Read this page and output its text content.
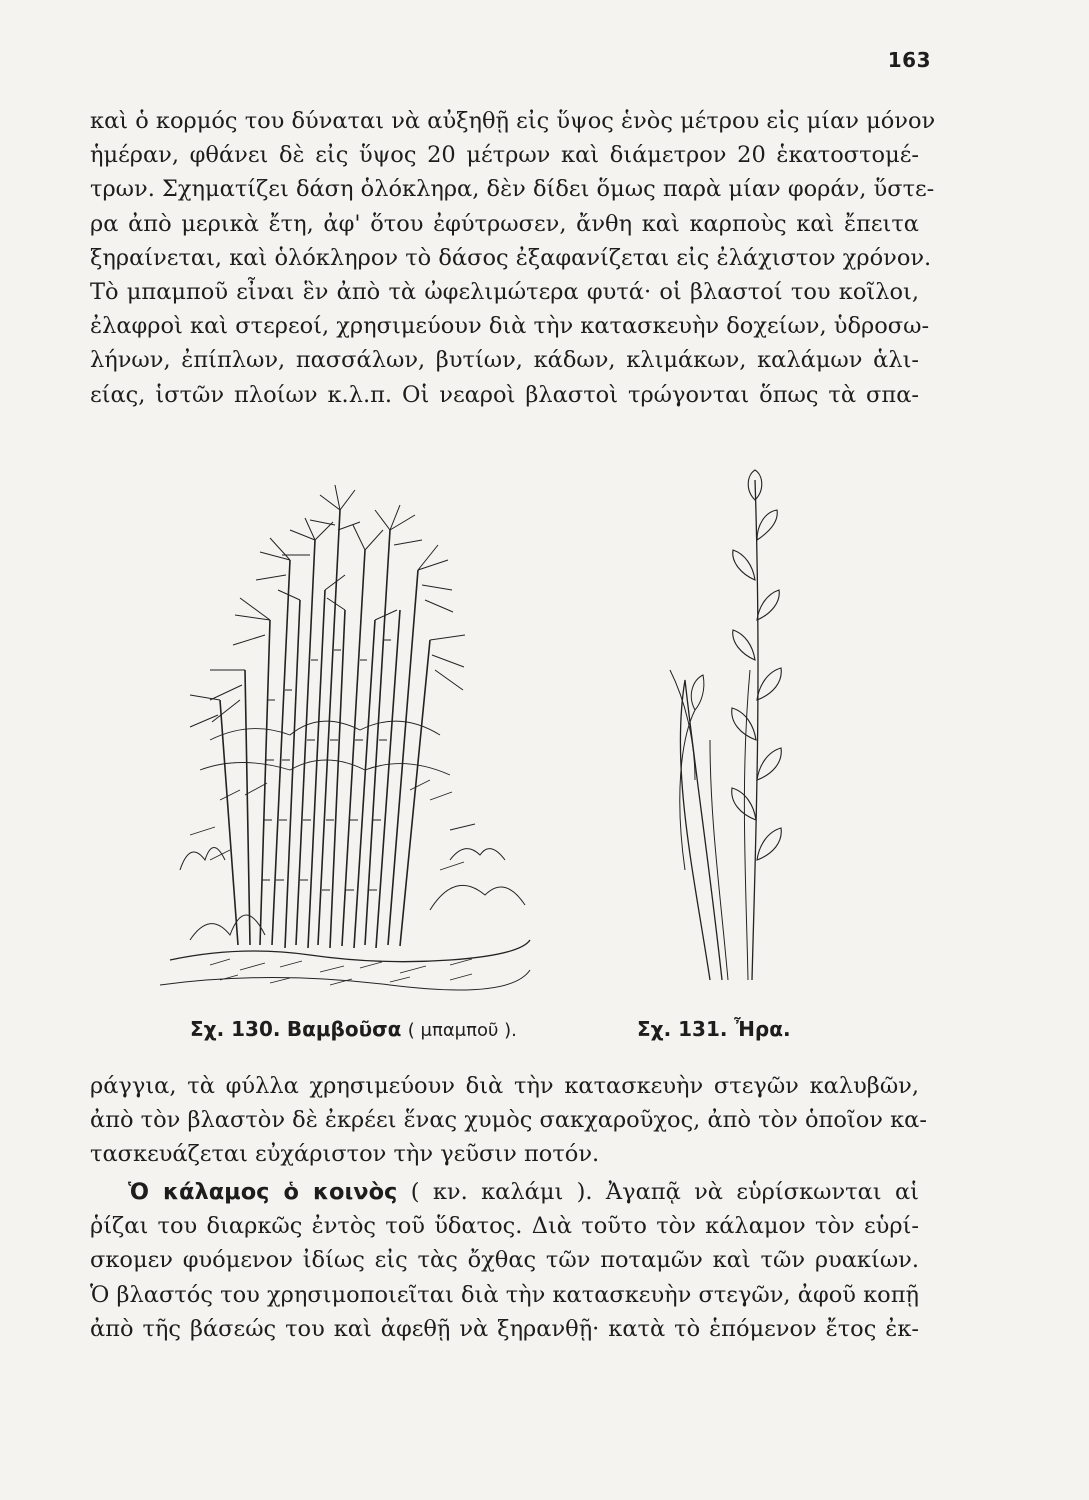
163
καὶ ὁ κορμός του δύναται νὰ αὐξηθῇ εἰς ὕψος ἑνὸς μέτρου εἰς μίαν μόνον
ἡμέραν, φθάνει δὲ εἰς ὕψος 20 μέτρων καὶ διάμετρον 20 ἑκατοστομέ-
τρων. Σχηματίζει δάση ὁλόκληρα, δὲν δίδει ὅμως παρὰ μίαν φοράν, ὕστε-
ρα ἀπὸ μερικὰ ἔτη, ἀφ' ὅτου ἐφύτρωσεν, ἄνθη καὶ καρποὺς καὶ ἔπειτα
ξηραίνεται, καὶ ὁλόκληρον τὸ δάσος ἐξαφανίζεται εἰς ἐλάχιστον χρόνον.
Τὸ μπαμποῦ εἶναι ἓν ἀπὸ τὰ ὠφελιμώτερα φυτά· οἱ βλαστοί του κοῖλοι,
ἐλαφροὶ καὶ στερεοί, χρησιμεύουν διὰ τὴν κατασκευὴν δοχείων, ὑδροσω-
λήνων, ἐπίπλων, πασσάλων, βυτίων, κάδων, κλιμάκων, καλάμων ἁλι-
είας, ἱστῶν πλοίων κ.λ.π. Οἱ νεαροὶ βλαστοὶ τρώγονται ὅπως τὰ σπα-
Σχ. 130. Βαμβοῦσα ( μπαμποῦ ).	Σχ. 131. Ἦρα.
ράγγια, τὰ φύλλα χρησιμεύουν διὰ τὴν κατασκευὴν στεγῶν καλυβῶν,
ἀπὸ τὸν βλαστὸν δὲ ἐκρέει ἕνας χυμὸς σακχαροῦχος, ἀπὸ τὸν ὁποῖον κα-
τασκευάζεται εὐχάριστον τὴν γεῦσιν ποτόν.
Ὁ κάλαμος ὁ κοινὸς ( κν. καλάμι ). Ἀγαπᾷ νὰ εὑρίσκωνται αἱ
ῥίζαι του διαρκῶς ἐντὸς τοῦ ὕδατος. Διὰ τοῦτο τὸν κάλαμον τὸν εὑρί-
σκομεν φυόμενον ἰδίως εἰς τὰς ὄχθας τῶν ποταμῶν καὶ τῶν ρυακίων.
Ὁ βλαστός του χρησιμοποιεῖται διὰ τὴν κατασκευὴν στεγῶν, ἀφοῦ κοπῇ
ἀπὸ τῆς βάσεώς του καὶ ἀφεθῇ νὰ ξηρανθῇ· κατὰ τὸ ἑπόμενον ἔτος ἐκ-
